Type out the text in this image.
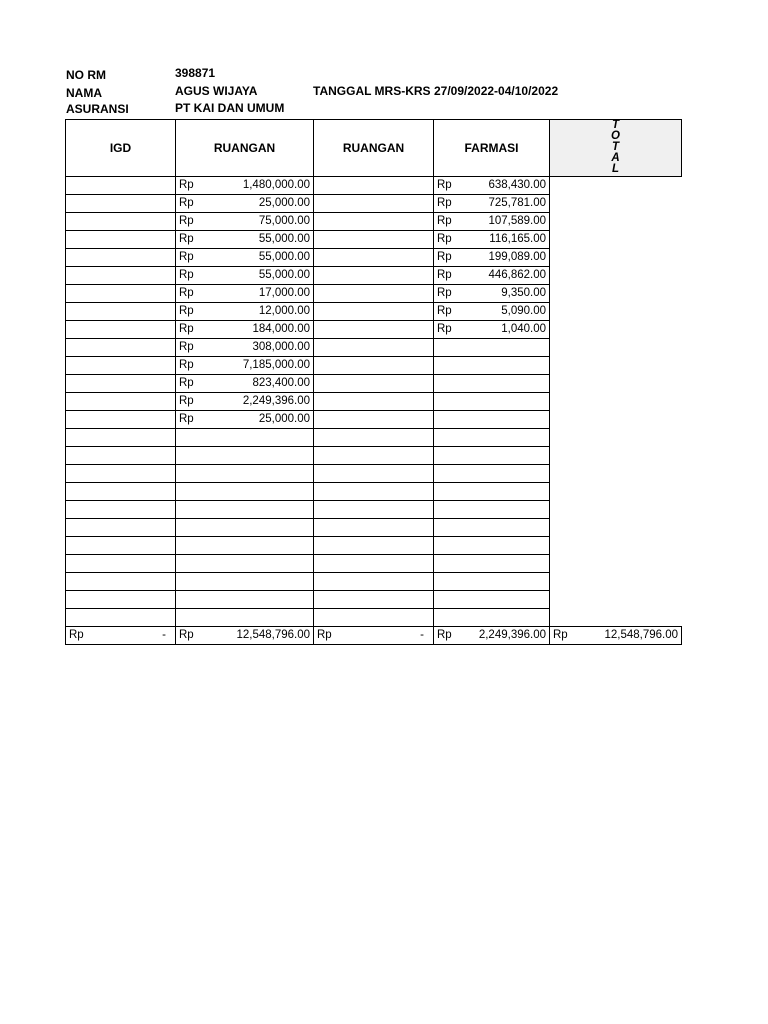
NO RM	398871
NAMA	AGUS WIJAYA	TANGGAL MRS-KRS 27/09/2022-04/10/2022
ASURANSI	PT KAI DAN UMUM
IGD	RUANGAN	RUANGAN	FARMASI	T
O
T
A
L

	Rp 1,480,000.00		Rp 638,430.00	

	Rp 25,000.00		Rp 725,781.00	

	Rp 75,000.00		Rp 107,589.00	

	Rp 55,000.00		Rp 116,165.00	

	Rp 55,000.00		Rp 199,089.00	

	Rp 55,000.00		Rp 446,862.00	

	Rp 17,000.00		Rp 9,350.00	

	Rp 12,000.00		Rp 5,090.00	

	Rp 184,000.00		Rp 1,040.00	

	Rp 308,000.00			

	Rp 7,185,000.00			

	Rp 823,400.00			

	Rp 2,249,396.00			

	Rp 25,000.00			

Rp -	Rp 12,548,796.00	Rp -	Rp 2,249,396.00	Rp 12,548,796.00
